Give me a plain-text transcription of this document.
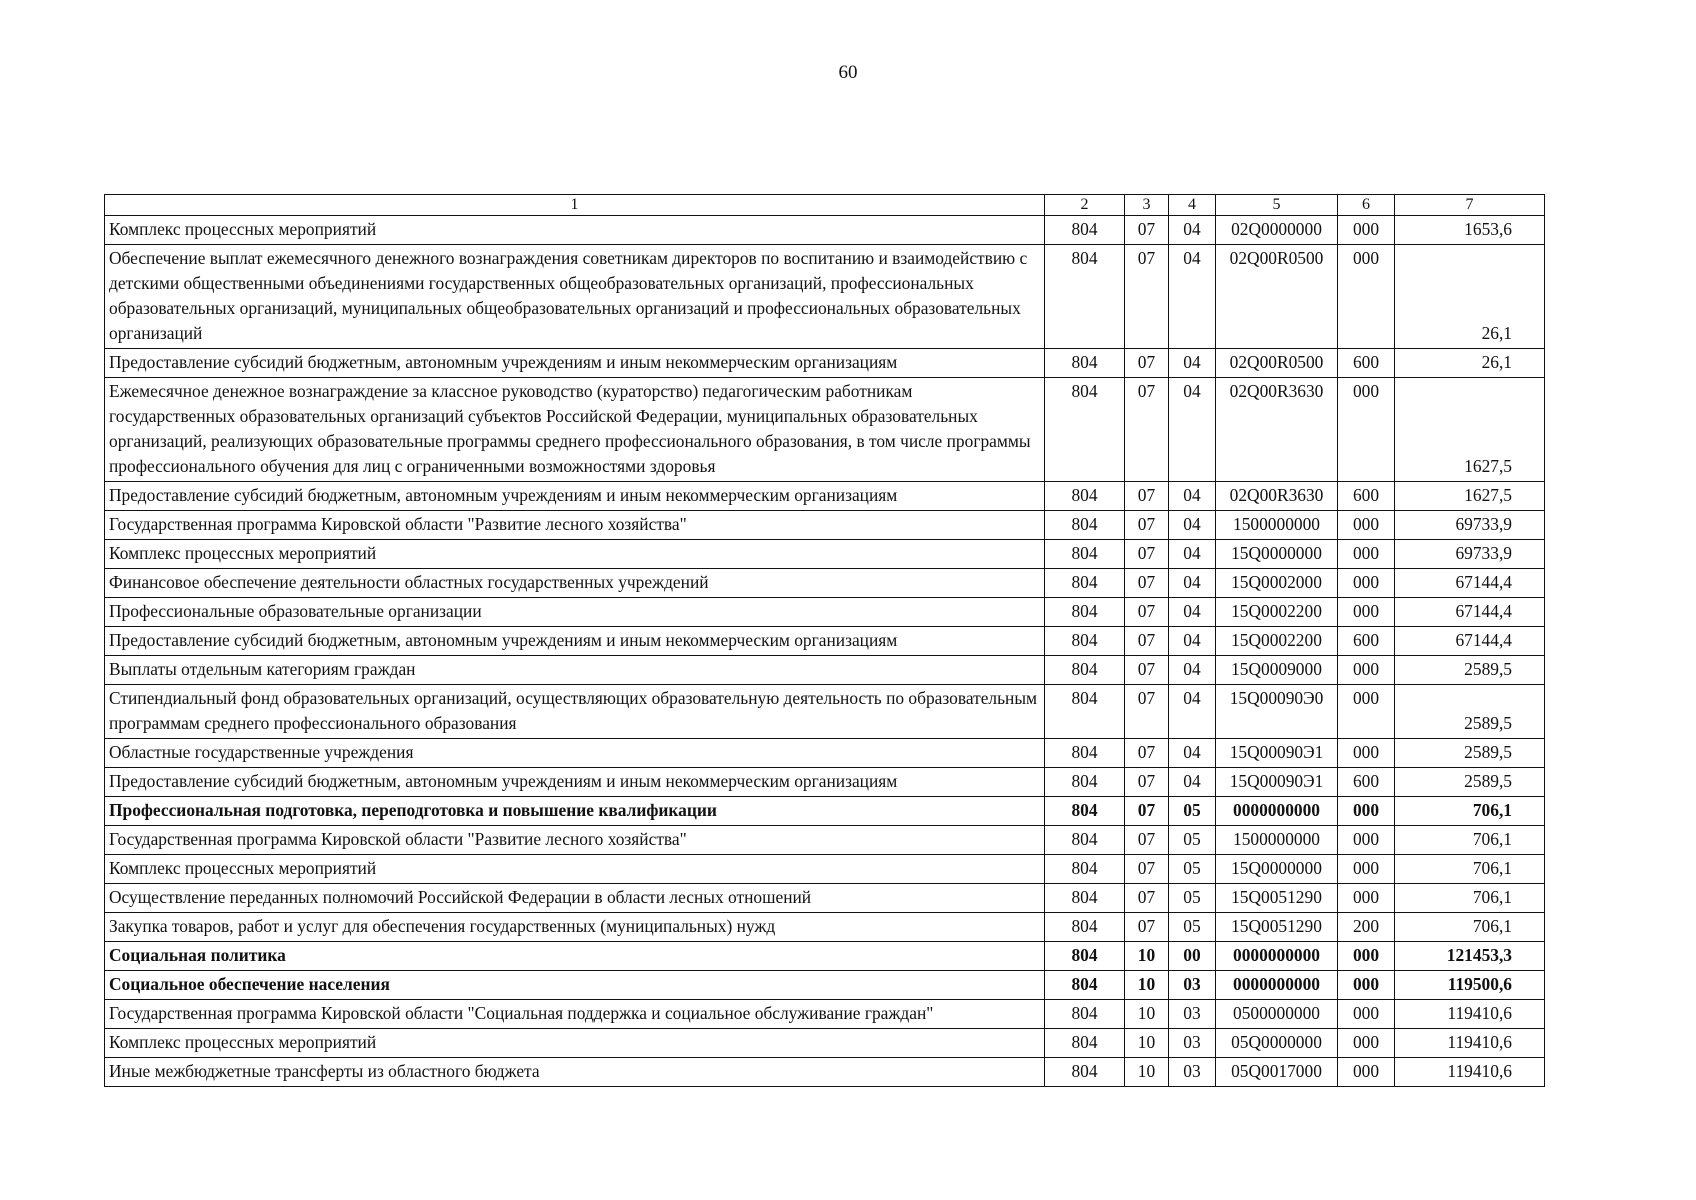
60
1	2	3	4	5	6	7
Комплекс процессных мероприятий	804	07	04	02Q0000000	000	1653,6
Обеспечение выплат ежемесячного денежного вознаграждения советникам директоров по воспитанию и взаимодействию с детскими общественными объединениями государственных общеобразовательных организаций, профессиональных образовательных организаций, муниципальных общеобразовательных организаций и профессиональных образовательных организаций	804	07	04	02Q00R0500	000	26,1
Предоставление субсидий бюджетным, автономным учреждениям и иным некоммерческим организациям	804	07	04	02Q00R0500	600	26,1
Ежемесячное денежное вознаграждение за классное руководство (кураторство) педагогическим работникам государственных образовательных организаций субъектов Российской Федерации, муниципальных образовательных организаций, реализующих образовательные программы среднего профессионального образования, в том числе программы профессионального обучения для лиц с ограниченными возможностями здоровья	804	07	04	02Q00R3630	000	1627,5
Предоставление субсидий бюджетным, автономным учреждениям и иным некоммерческим организациям	804	07	04	02Q00R3630	600	1627,5
Государственная программа Кировской области "Развитие лесного хозяйства"	804	07	04	1500000000	000	69733,9
Комплекс процессных мероприятий	804	07	04	15Q0000000	000	69733,9
Финансовое обеспечение деятельности областных государственных учреждений	804	07	04	15Q0002000	000	67144,4
Профессиональные образовательные организации	804	07	04	15Q0002200	000	67144,4
Предоставление субсидий бюджетным, автономным учреждениям и иным некоммерческим организациям	804	07	04	15Q0002200	600	67144,4
Выплаты отдельным категориям граждан	804	07	04	15Q0009000	000	2589,5
Стипендиальный фонд образовательных организаций, осуществляющих образовательную деятельность по образовательным программам среднего профессионального образования	804	07	04	15Q00090Э0	000	2589,5
Областные государственные учреждения	804	07	04	15Q00090Э1	000	2589,5
Предоставление субсидий бюджетным, автономным учреждениям и иным некоммерческим организациям	804	07	04	15Q00090Э1	600	2589,5
Профессиональная подготовка, переподготовка и повышение квалификации	804	07	05	0000000000	000	706,1
Государственная программа Кировской области "Развитие лесного хозяйства"	804	07	05	1500000000	000	706,1
Комплекс процессных мероприятий	804	07	05	15Q0000000	000	706,1
Осуществление переданных полномочий Российской Федерации в области лесных отношений	804	07	05	15Q0051290	000	706,1
Закупка товаров, работ и услуг для обеспечения государственных (муниципальных) нужд	804	07	05	15Q0051290	200	706,1
Социальная политика	804	10	00	0000000000	000	121453,3
Социальное обеспечение населения	804	10	03	0000000000	000	119500,6
Государственная программа Кировской области "Социальная поддержка и социальное обслуживание граждан"	804	10	03	0500000000	000	119410,6
Комплекс процессных мероприятий	804	10	03	05Q0000000	000	119410,6
Иные межбюджетные трансферты из областного бюджета	804	10	03	05Q0017000	000	119410,6
